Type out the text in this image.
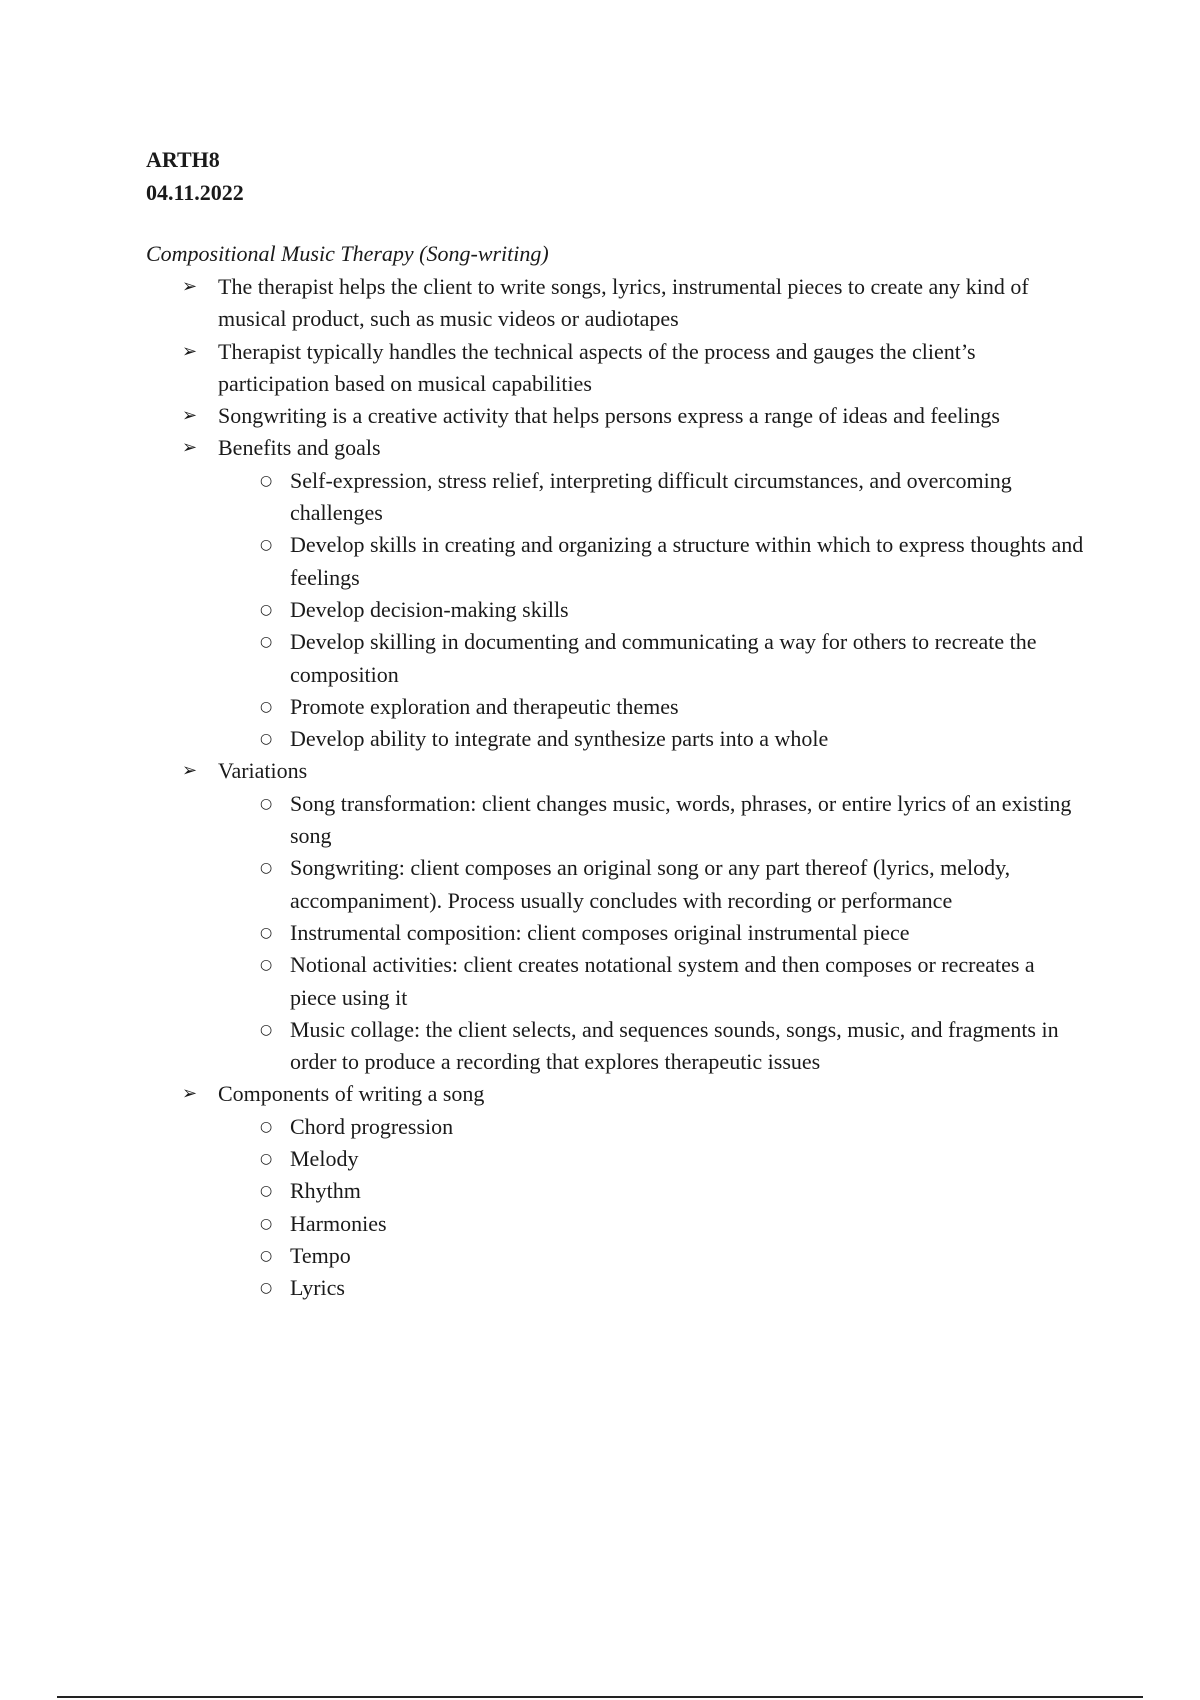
ARTH8
04.11.2022
Compositional Music Therapy (Song-writing)
➢ The therapist helps the client to write songs, lyrics, instrumental pieces to create any kind of musical product, such as music videos or audiotapes
➢ Therapist typically handles the technical aspects of the process and gauges the client’s participation based on musical capabilities
➢ Songwriting is a creative activity that helps persons express a range of ideas and feelings
➢ Benefits and goals
○ Self-expression, stress relief, interpreting difficult circumstances, and overcoming challenges
○ Develop skills in creating and organizing a structure within which to express thoughts and feelings
○ Develop decision-making skills
○ Develop skilling in documenting and communicating a way for others to recreate the composition
○ Promote exploration and therapeutic themes
○ Develop ability to integrate and synthesize parts into a whole
➢ Variations
○ Song transformation: client changes music, words, phrases, or entire lyrics of an existing song
○ Songwriting: client composes an original song or any part thereof (lyrics, melody, accompaniment). Process usually concludes with recording or performance
○ Instrumental composition: client composes original instrumental piece
○ Notional activities: client creates notational system and then composes or recreates a piece using it
○ Music collage: the client selects, and sequences sounds, songs, music, and fragments in order to produce a recording that explores therapeutic issues
➢ Components of writing a song
○ Chord progression
○ Melody
○ Rhythm
○ Harmonies
○ Tempo
○ Lyrics
